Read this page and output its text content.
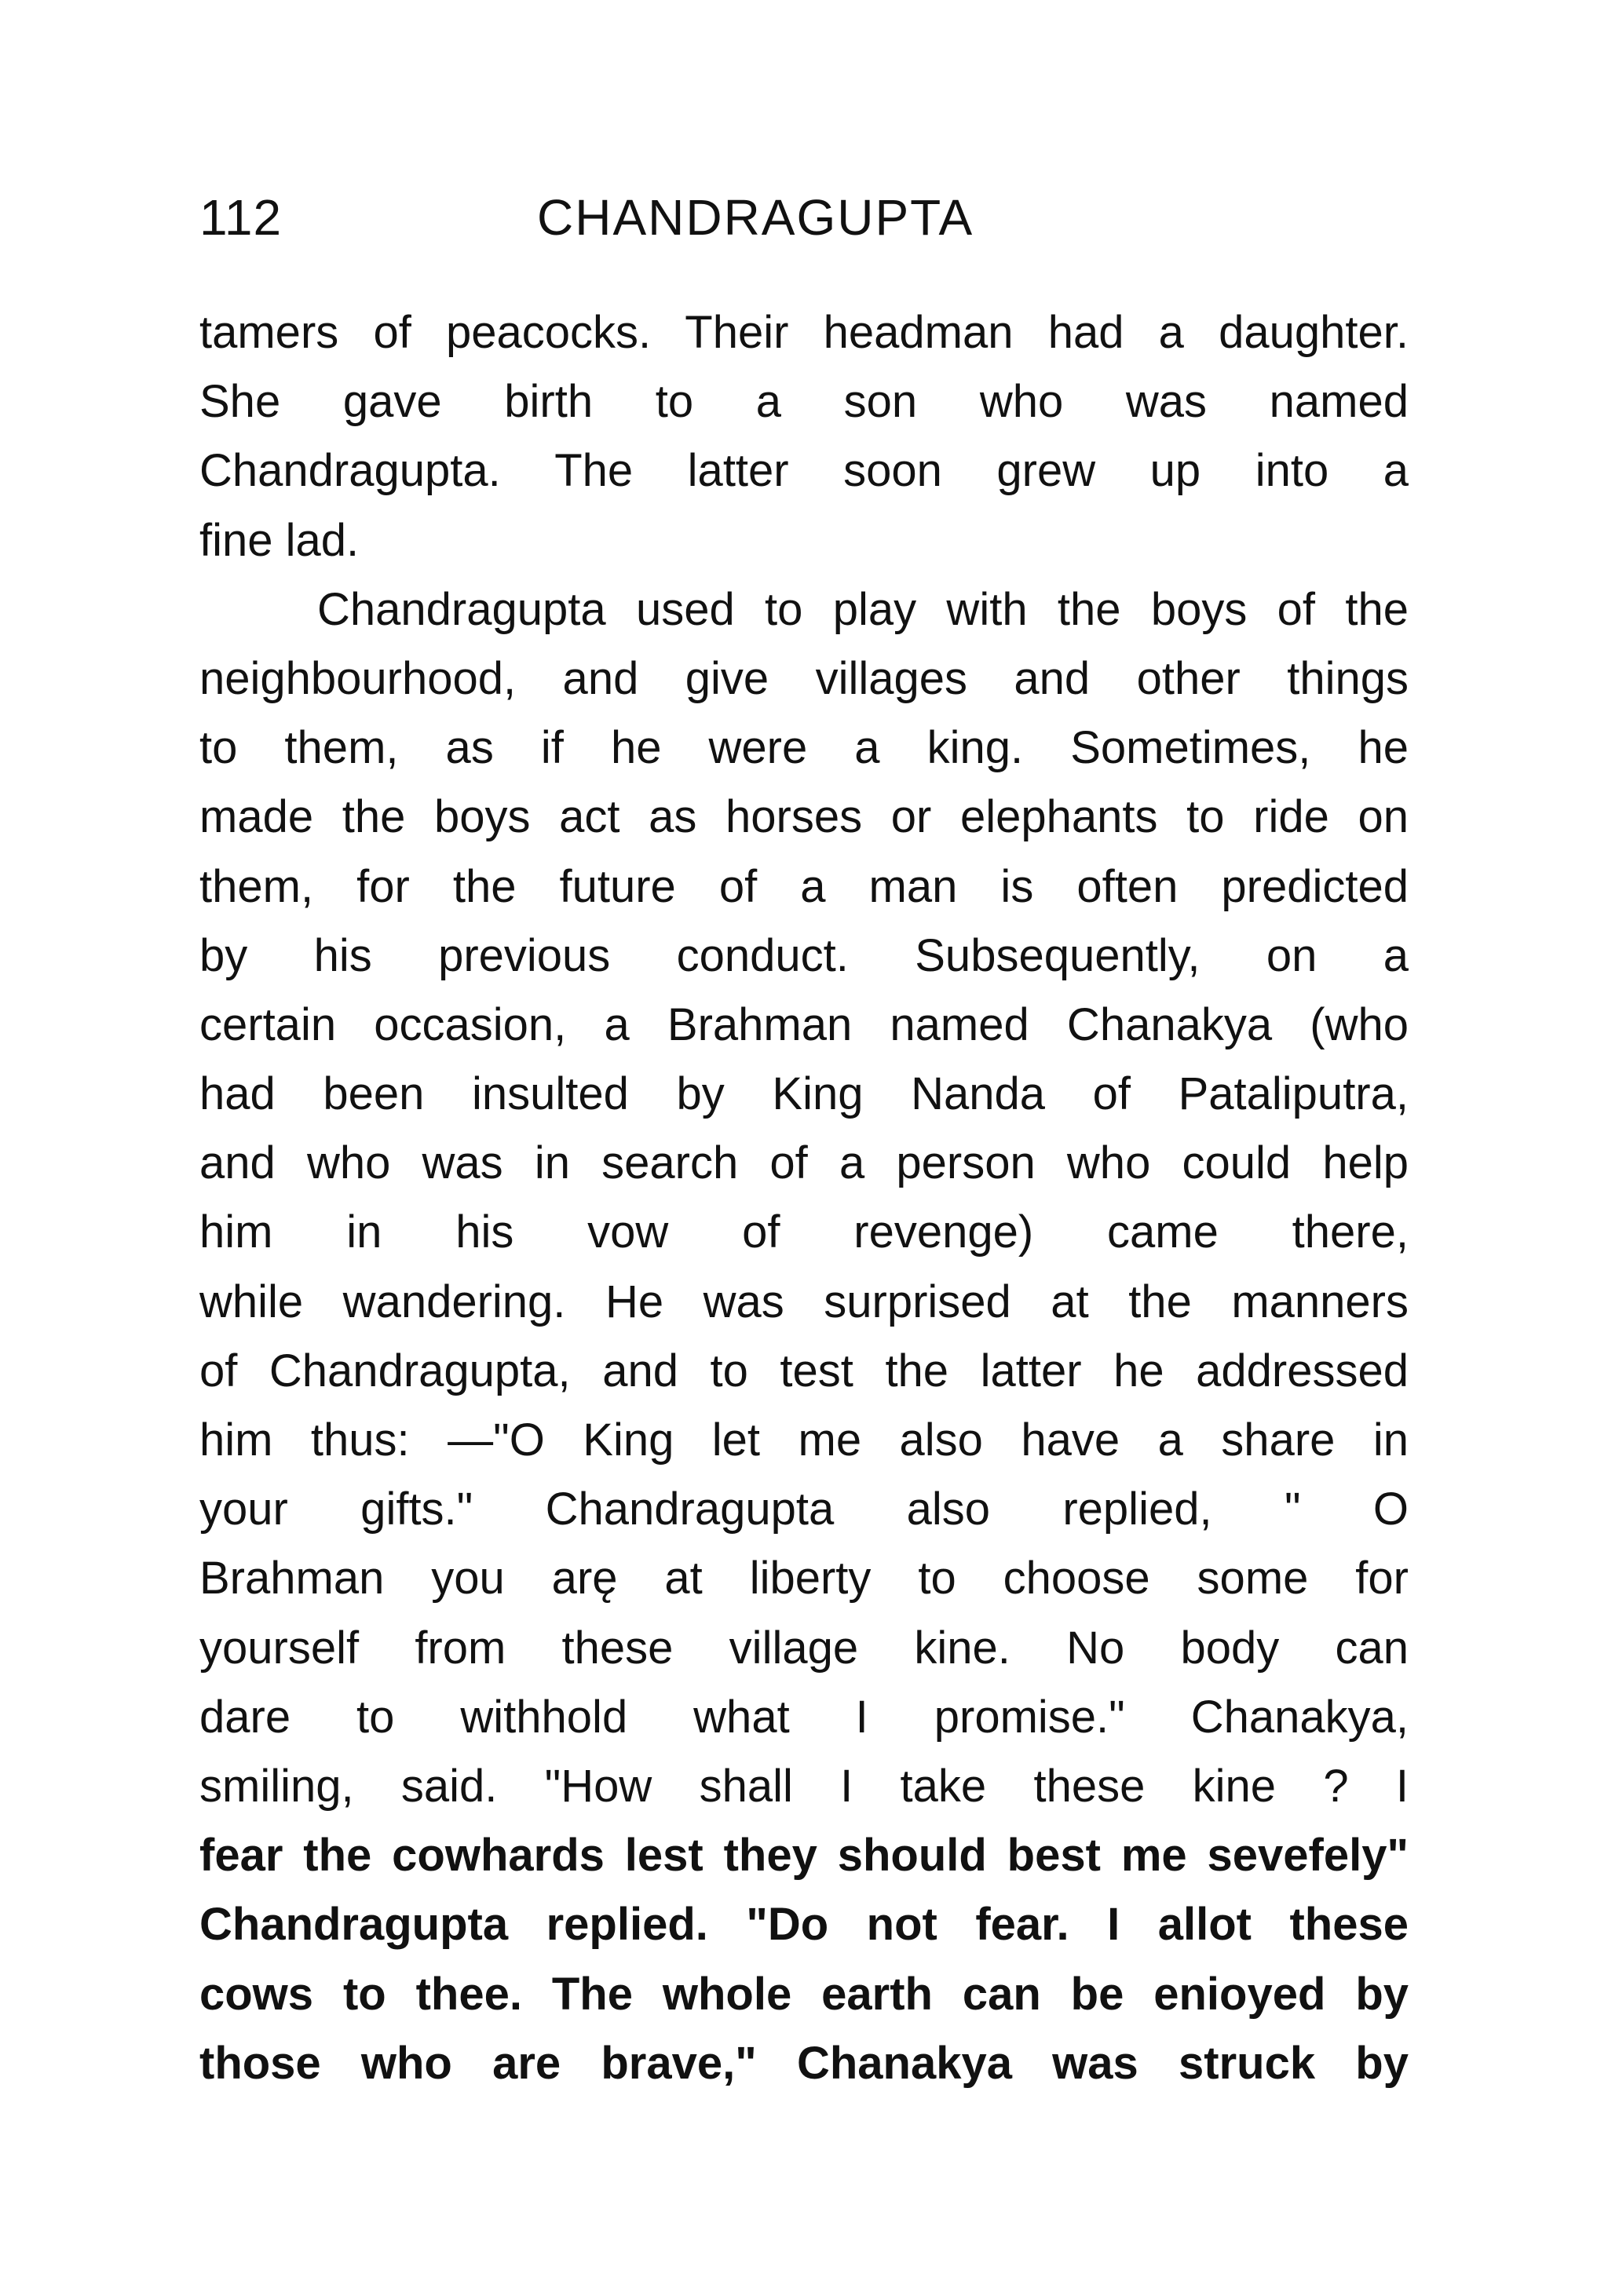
112	CHANDRAGUPTA
tamers of peacocks. Their headman had a daughter.
She gave birth to a son who was named
Chandragupta. The latter soon grew up into a
fine lad.
Chandragupta used to play with the boys of the
neighbourhood, and give villages and other things
to them, as if he were a king. Sometimes, he
made the boys act as horses or elephants to ride on
them, for the future of a man is often predicted
by his previous conduct. Subsequently, on a
certain occasion, a Brahman named Chanakya (who
had been insulted by King Nanda of Pataliputra,
and who was in search of a person who could help
him in his vow of revenge) came there,
while wandering. He was surprised at the manners
of Chandragupta, and to test the latter he addressed
him thus: —"O King let me also have a share in
your gifts." Chandragupta also replied, " O
Brahman you arę at liberty to choose some for
yourself from these village kine. No body can
dare to withhold what I promise." Chanakya,
smiling, said. "How shall I take these kine ? I
fear the cowhards lest they should best me sevefely"
Chandragupta replied. "Do not fear. I allot these
cows to thee. The whole earth can be enioyed by
those who are brave," Chanakya was struck by
